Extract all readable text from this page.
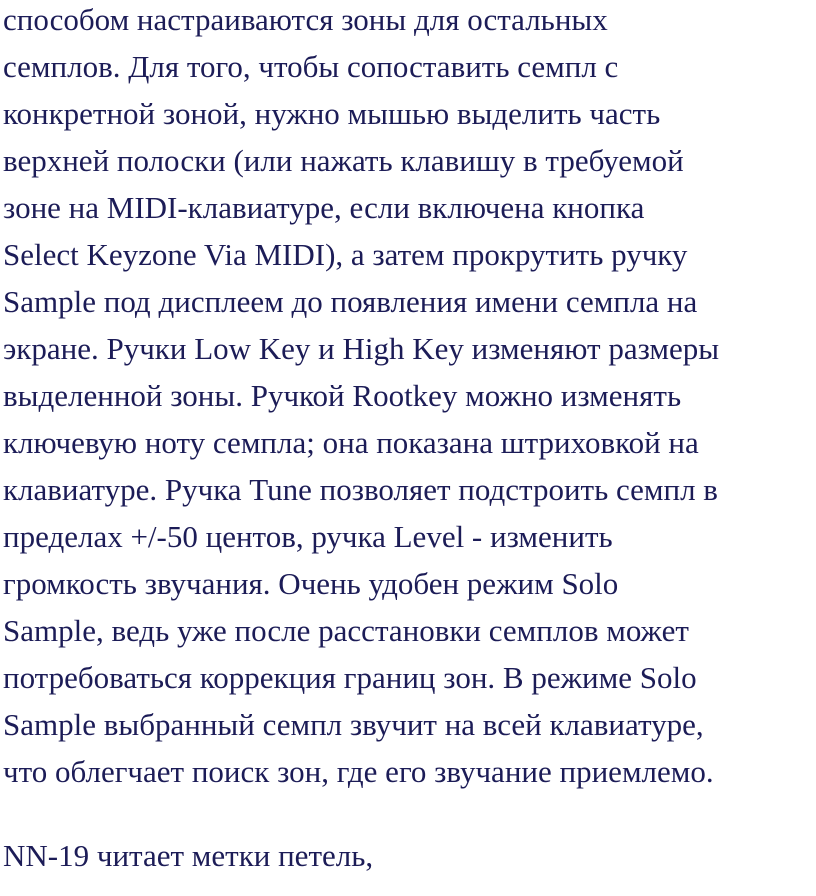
способом настраиваются зоны для остальных
семплов. Для того, чтобы сопоставить семпл с
конкретной зоной, нужно мышью выделить часть
верхней полоски (или нажать клавишу в требуемой
зоне на MIDI-клавиатуре, если включена кнопка
Select Keyzone Via MIDI), а затем прокрутить ручку
Sample под дисплеем до появления имени семпла на
экране. Ручки Low Key и High Key изменяют размеры
выделенной зоны. Ручкой Rootkey можно изменять
ключевую ноту семпла; она показана штриховкой на
клавиатуре. Ручка Tune позволяет подстроить семпл в
пределах +/-50 центов, ручка Level - изменить
громкость звучания. Очень удобен режим Solo
Sample, ведь уже после расстановки семплов может
потребоваться коррекция границ зон. В режиме Solo
Sample выбранный семпл звучит на всей клавиатуре,
что облегчает поиск зон, где его звучание приемлемо.
NN-19 читает метки петель,
